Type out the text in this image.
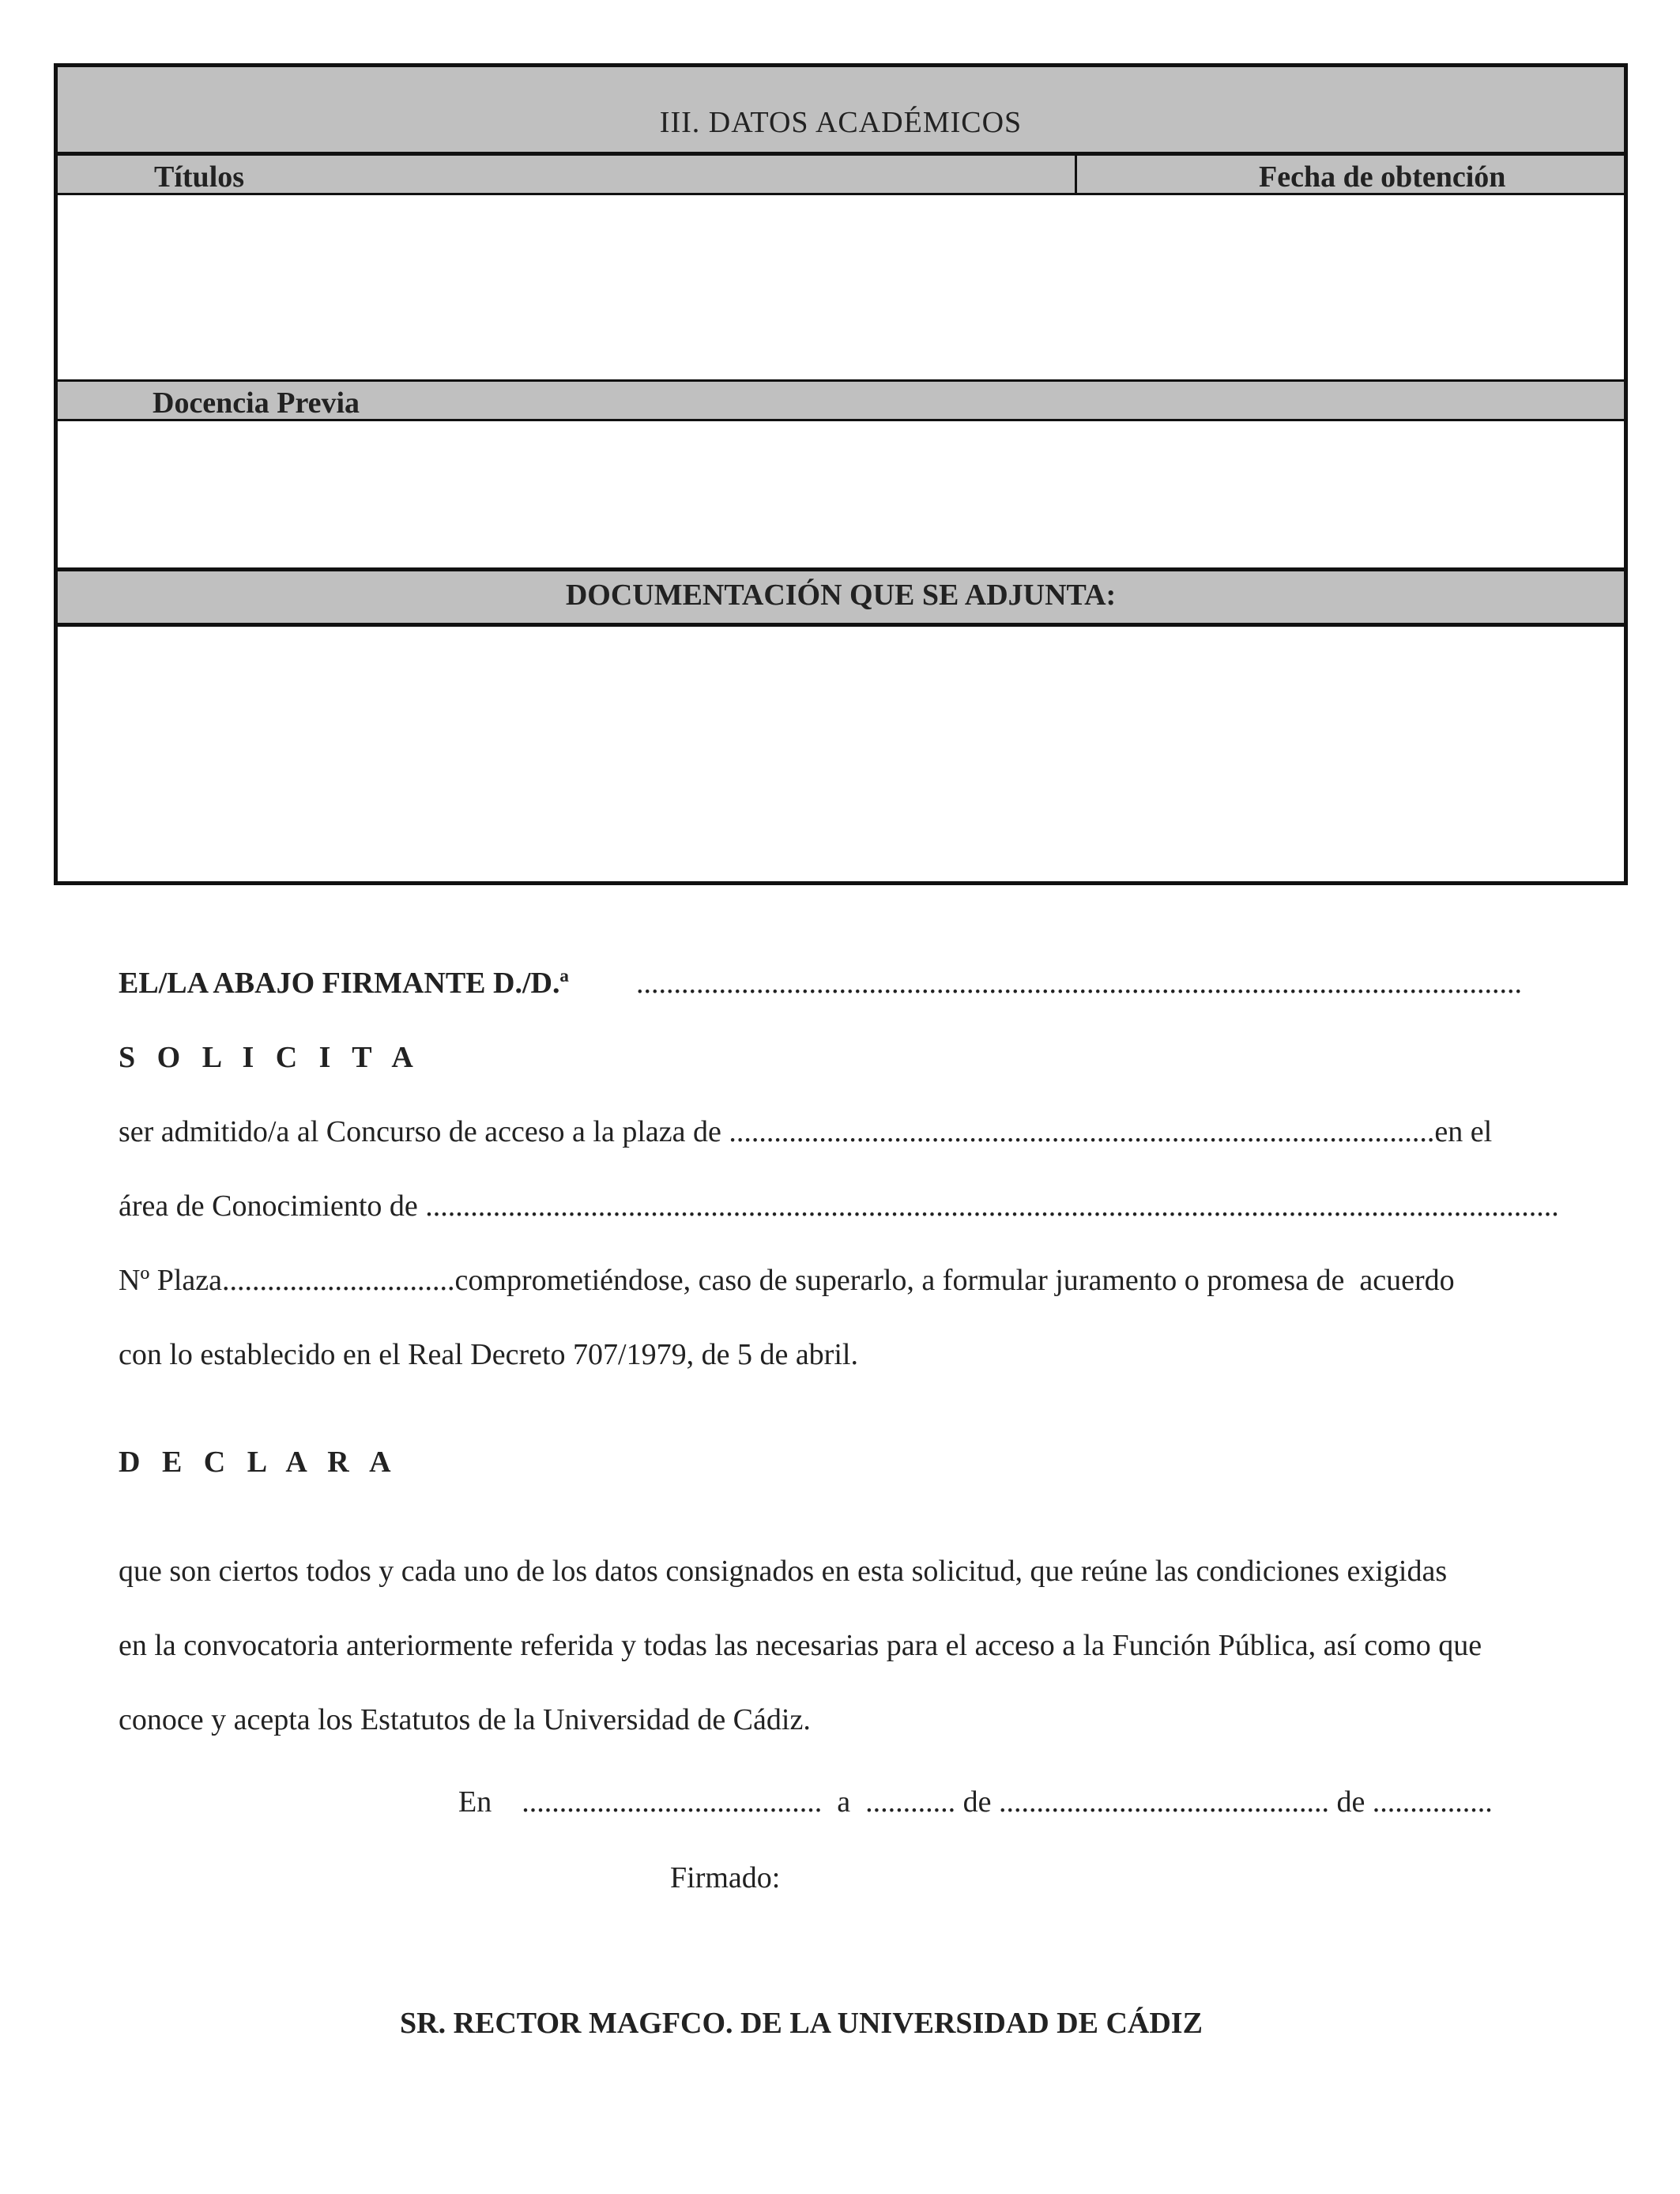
III. DATOS ACADÉMICOS
Títulos	Fecha de obtención
Docencia Previa
DOCUMENTACIÓN QUE SE ADJUNTA:
EL/LA ABAJO FIRMANTE D./D.ª ......................................................................................................................
S O L I C I T A
ser admitido/a al Concurso de acceso a la plaza de ..............................................................................................en el
área de Conocimiento de .......................................................................................................................................................
Nº Plaza...............................comprometiéndose, caso de superarlo, a formular juramento o promesa de  acuerdo
con lo establecido en el Real Decreto 707/1979, de 5 de abril.
D E C L A R A
que son ciertos todos y cada uno de los datos consignados en esta solicitud, que reúne las condiciones exigidas
en la convocatoria anteriormente referida y todas las necesarias para el acceso a la Función Pública, así como que
conoce y acepta los Estatutos de la Universidad de Cádiz.
En    ........................................  a  ............ de ............................................ de ................
Firmado:
SR. RECTOR MAGFCO. DE LA UNIVERSIDAD DE CÁDIZ
